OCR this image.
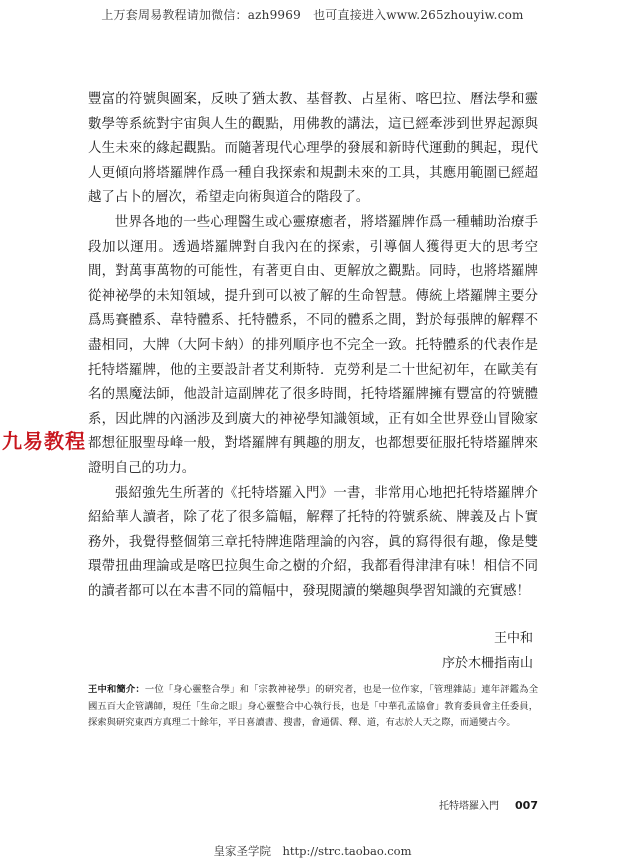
上万套周易教程请加微信：azh9969　也可直接进入www.265zhouyiw.com
九易教程

豐富的符號與圖案，反映了猶太教、基督教、占星術、喀巴拉、曆法學和靈數學等系統對宇宙與人生的觀點，用佛教的講法，這已經牽涉到世界起源與人生未來的緣起觀點。而隨著現代心理學的發展和新時代運動的興起，現代人更傾向將塔羅牌作爲一種自我探索和規劃未來的工具，其應用範圍已經超越了占卜的層次，希望走向術與道合的階段了。

世界各地的一些心理醫生或心靈療癒者，將塔羅牌作爲一種輔助治療手段加以運用。透過塔羅牌對自我內在的探索，引導個人獲得更大的思考空間，對萬事萬物的可能性，有著更自由、更解放之觀點。同時，也將塔羅牌從神祕學的未知領域，提升到可以被了解的生命智慧。傳統上塔羅牌主要分爲馬賽體系、韋特體系、托特體系，不同的體系之間，對於每張牌的解釋不盡相同，大牌（大阿卡納）的排列順序也不完全一致。托特體系的代表作是托特塔羅牌，他的主要設計者艾利斯特．克勞利是二十世紀初年，在歐美有名的黑魔法師，他設計這副牌花了很多時間，托特塔羅牌擁有豐富的符號體系，因此牌的內涵涉及到廣大的神祕學知識領域，正有如全世界登山冒險家都想征服聖母峰一般，對塔羅牌有興趣的朋友，也都想要征服托特塔羅牌來證明自己的功力。

張紹強先生所著的《托特塔羅入門》一書，非常用心地把托特塔羅牌介紹給華人讀者，除了花了很多篇幅，解釋了托特的符號系統、牌義及占卜實務外，我覺得整個第三章托特牌進階理論的內容，眞的寫得很有趣，像是雙環帶扭曲理論或是喀巴拉與生命之樹的介紹，我都看得津津有味！相信不同的讀者都可以在本書不同的篇幅中，發現閱讀的樂趣與學習知識的充實感！

王中和
序於木柵指南山
王中和簡介：一位「身心靈整合學」和「宗教神祕學」的研究者，也是一位作家，「管理雜誌」連年評鑑為全國五百大企管講師，現任「生命之眼」身心靈整合中心執行長，也是「中華孔孟協會」教育委員會主任委員，探索與研究東西方真理二十餘年，平日喜讀書、搜書，會通儒、釋、道，有志於人天之際，而通變古今。
托特塔羅入門 007
皇家圣学院　http://strc.taobao.com
